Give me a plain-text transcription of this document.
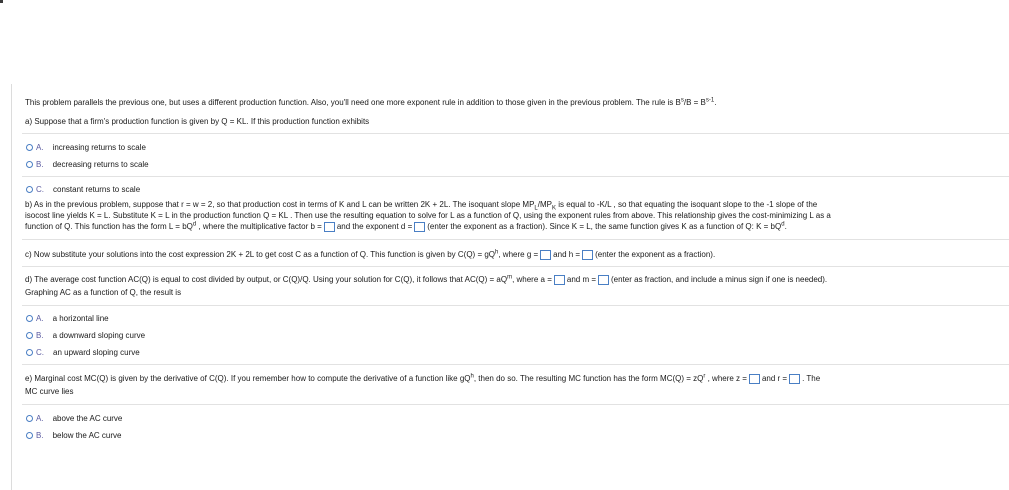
This problem parallels the previous one, but uses a different production function. Also, you'll need one more exponent rule in addition to those given in the previous problem. The rule is $B^s/B = B^{s-1}$.
a) Suppose that a firm's production function is given by Q = KL. If this production function exhibits
A. increasing returns to scale
B. decreasing returns to scale
C. constant returns to scale
b) As in the previous problem, suppose that r = w = 2, so that production cost in terms of K and L can be written 2K + 2L. The isoquant slope $MP_L/MP_K$ is equal to -K/L , so that equating the isoquant slope to the -1 slope of the
isocost line yields K = L. Substitute K = L in the production function Q = KL . Then use the resulting equation to solve for L as a function of Q, using the exponent rules from above. This relationship gives the cost-minimizing L as a
function of Q. This function has the form $L = bQ^d$ , where the multiplicative factor b = and the exponent d = (enter the exponent as a fraction). Since K = L, the same function gives K as a function of Q: $K = bQ^d$.
c) Now substitute your solutions into the cost expression 2K + 2L to get cost C as a function of Q. This function is given by $C(Q) = gQ^h$, where g = and h = (enter the exponent as a fraction).
d) The average cost function AC(Q) is equal to cost divided by output, or C(Q)/Q. Using your solution for C(Q), it follows that $AC(Q) = aQ^m$, where a = and m = (enter as fraction, and include a minus sign if one is needed).
Graphing AC as a function of Q, the result is
A. a horizontal line
B. a downward sloping curve
C. an upward sloping curve
e) Marginal cost MC(Q) is given by the derivative of C(Q). If you remember how to compute the derivative of a function like $gQ^h$, then do so. The resulting MC function has the form $MC(Q) = zQ^r$ , where z = and r = . The
MC curve lies
A. above the AC curve
B. below the AC curve
